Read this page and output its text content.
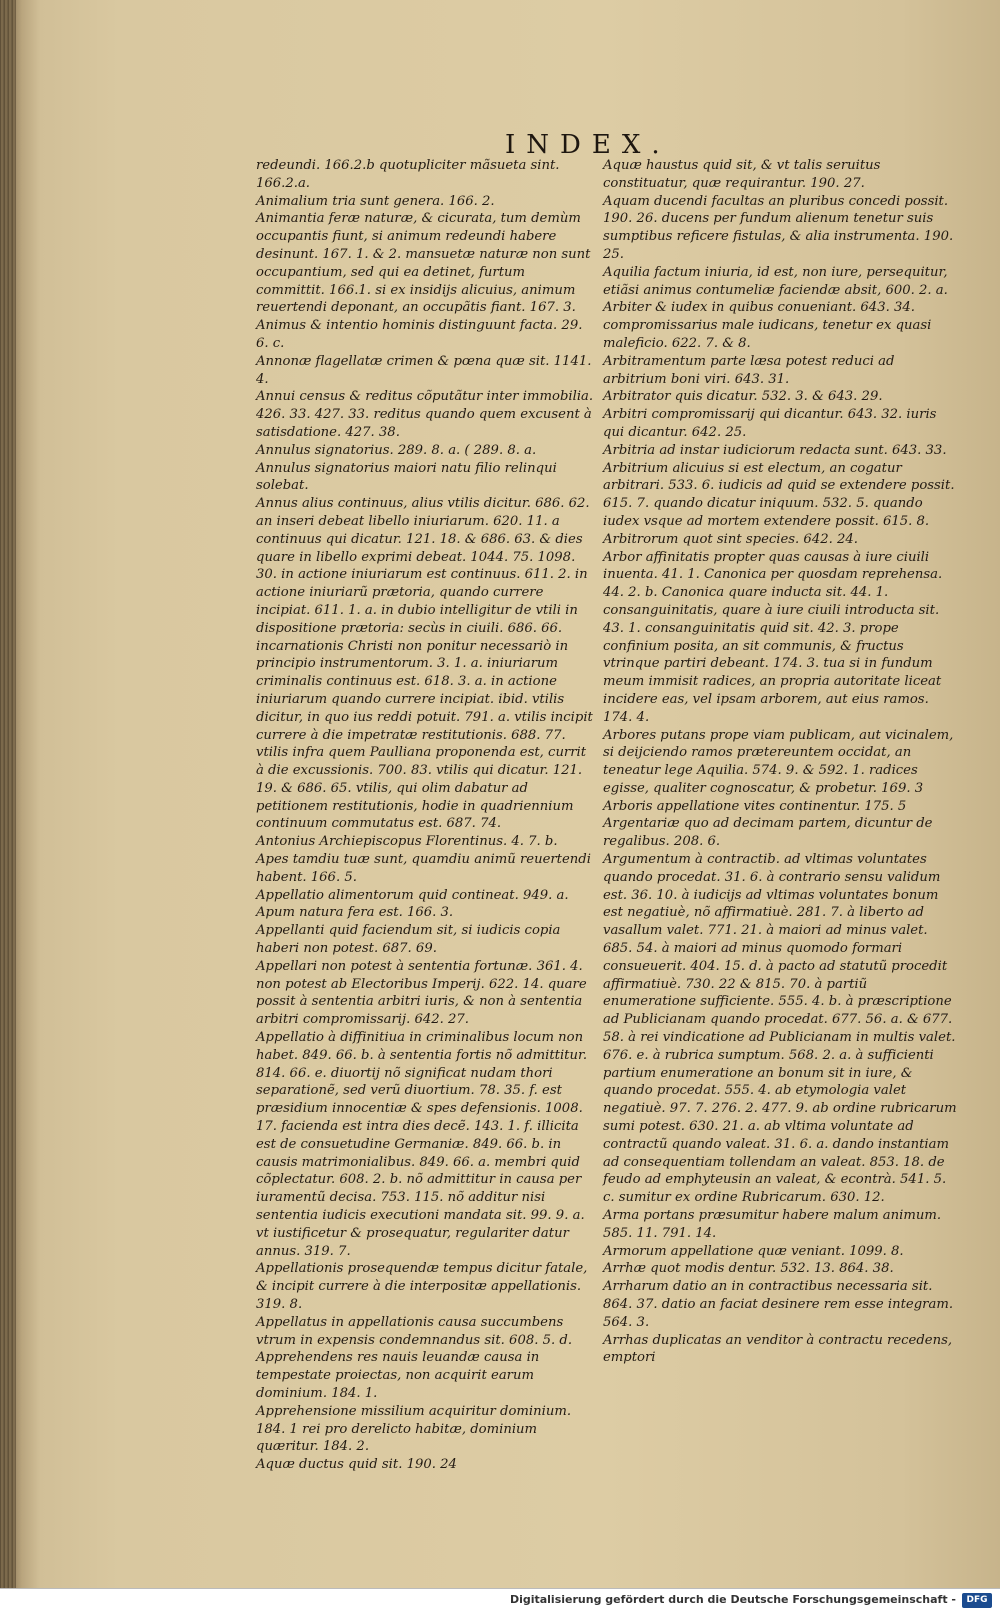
INDEX.

redeundi. 166.2.b quotupliciter mãsueta sint. 166.2.a.

Animalium tria sunt genera. 166. 2.

Animantia feræ naturæ, & cicurata, tum demùm occupantis fiunt, si animum redeundi habere desinunt. 167. 1. & 2. mansuetæ naturæ non sunt occupantium, sed qui ea detinet, furtum committit. 166.1. si ex insidijs alicuius, animum reuertendi deponant, an occupãtis fiant. 167. 3.

Animus & intentio hominis distinguunt facta. 29. 6. c.

Annonæ flagellatæ crimen & pœna quæ sit. 1141. 4.

Annui census & reditus cõputãtur inter immobilia. 426. 33. 427. 33. reditus quando quem excusent à satisdatione. 427. 38.

Annulus signatorius. 289. 8. a. ( 289. 8. a.

Annulus signatorius maiori natu filio relinqui solebat.

Annus alius continuus, alius vtilis dicitur. 686. 62. an inseri debeat libello iniuriarum. 620. 11. a continuus qui dicatur. 121. 18. & 686. 63. & dies quare in libello exprimi debeat. 1044. 75. 1098. 30. in actione iniuriarum est continuus. 611. 2. in actione iniuriarũ prætoria, quando currere incipiat. 611. 1. a. in dubio intelligitur de vtili in dispositione prætoria: secùs in ciuili. 686. 66. incarnationis Christi non ponitur necessariò in principio instrumentorum. 3. 1. a. iniuriarum criminalis continuus est. 618. 3. a. in actione iniuriarum quando currere incipiat. ibid. vtilis dicitur, in quo ius reddi potuit. 791. a. vtilis incipit currere à die impetratæ restitutionis. 688. 77. vtilis infra quem Paulliana proponenda est, currit à die excussionis. 700. 83. vtilis qui dicatur. 121. 19. & 686. 65. vtilis, qui olim dabatur ad petitionem restitutionis, hodie in quadriennium continuum commutatus est. 687. 74.

Antonius Archiepiscopus Florentinus. 4. 7. b.

Apes tamdiu tuæ sunt, quamdiu animũ reuertendi habent. 166. 5.

Appellatio alimentorum quid contineat. 949. a.

Apum natura fera est. 166. 3.

Appellanti quid faciendum sit, si iudicis copia haberi non potest. 687. 69.

Appellari non potest à sententia fortunæ. 361. 4. non potest ab Electoribus Imperij. 622. 14. quare possit à sententia arbitri iuris, & non à sententia arbitri compromissarij. 642. 27.

Appellatio à diffinitiua in criminalibus locum non habet. 849. 66. b. à sententia fortis nõ admittitur. 814. 66. e. diuortij nõ significat nudam thori separationẽ, sed verũ diuortium. 78. 35. f. est præsidium innocentiæ & spes defensionis. 1008. 17. facienda est intra dies decẽ. 143. 1. f. illicita est de consuetudine Germaniæ. 849. 66. b. in causis matrimonialibus. 849. 66. a. membri quid cõplectatur. 608. 2. b. nõ admittitur in causa per iuramentũ decisa. 753. 115. nõ additur nisi sententia iudicis executioni mandata sit. 99. 9. a. vt iustificetur & prosequatur, regulariter datur annus. 319. 7.

Appellationis prosequendæ tempus dicitur fatale, & incipit currere à die interpositæ appellationis. 319. 8.

Appellatus in appellationis causa succumbens vtrum in expensis condemnandus sit. 608. 5. d.

Apprehendens res nauis leuandæ causa in tempestate proiectas, non acquirit earum dominium. 184. 1.

Apprehensione missilium acquiritur dominium. 184. 1 rei pro derelicto habitæ, dominium quæritur. 184. 2.

Aquæ ductus quid sit. 190. 24

Aquæ haustus quid sit, & vt talis seruitus constituatur, quæ requirantur. 190. 27.

Aquam ducendi facultas an pluribus concedi possit. 190. 26. ducens per fundum alienum tenetur suis sumptibus reficere fistulas, & alia instrumenta. 190. 25.

Aquilia factum iniuria, id est, non iure, persequitur, etiãsi animus contumeliæ faciendæ absit, 600. 2. a.

Arbiter & iudex in quibus conueniant. 643. 34. compromissarius male iudicans, tenetur ex quasi maleficio. 622. 7. & 8.

Arbitramentum parte læsa potest reduci ad arbitrium boni viri. 643. 31.

Arbitrator quis dicatur. 532. 3. & 643. 29.

Arbitri compromissarij qui dicantur. 643. 32. iuris qui dicantur. 642. 25.

Arbitria ad instar iudiciorum redacta sunt. 643. 33.

Arbitrium alicuius si est electum, an cogatur arbitrari. 533. 6. iudicis ad quid se extendere possit. 615. 7. quando dicatur iniquum. 532. 5. quando iudex vsque ad mortem extendere possit. 615. 8.

Arbitrorum quot sint species. 642. 24.

Arbor affinitatis propter quas causas à iure ciuili inuenta. 41. 1. Canonica per quosdam reprehensa. 44. 2. b. Canonica quare inducta sit. 44. 1. consanguinitatis, quare à iure ciuili introducta sit. 43. 1. consanguinitatis quid sit. 42. 3. prope confinium posita, an sit communis, & fructus vtrinque partiri debeant. 174. 3. tua si in fundum meum immisit radices, an propria autoritate liceat incidere eas, vel ipsam arborem, aut eius ramos. 174. 4.

Arbores putans prope viam publicam, aut vicinalem, si deijciendo ramos prætereuntem occidat, an teneatur lege Aquilia. 574. 9. & 592. 1. radices egisse, qualiter cognoscatur, & probetur. 169. 3

Arboris appellatione vites continentur. 175. 5

Argentariæ quo ad decimam partem, dicuntur de regalibus. 208. 6.

Argumentum à contractib. ad vltimas voluntates quando procedat. 31. 6. à contrario sensu validum est. 36. 10. à iudicijs ad vltimas voluntates bonum est negatiuè, nõ affirmatiuè. 281. 7. à liberto ad vasallum valet. 771. 21. à maiori ad minus valet. 685. 54. à maiori ad minus quomodo formari consueuerit. 404. 15. d. à pacto ad statutũ procedit affirmatiuè. 730. 22 & 815. 70. à partiũ enumeratione sufficiente. 555. 4. b. à præscriptione ad Publicianam quando procedat. 677. 56. a. & 677. 58. à rei vindicatione ad Publicianam in multis valet. 676. e. à rubrica sumptum. 568. 2. a. à sufficienti partium enumeratione an bonum sit in iure, & quando procedat. 555. 4. ab etymologia valet negatiuè. 97. 7. 276. 2. 477. 9. ab ordine rubricarum sumi potest. 630. 21. a. ab vltima voluntate ad contractũ quando valeat. 31. 6. a. dando instantiam ad consequentiam tollendam an valeat. 853. 18. de feudo ad emphyteusin an valeat, & econtrà. 541. 5. c. sumitur ex ordine Rubricarum. 630. 12.

Arma portans præsumitur habere malum animum. 585. 11. 791. 14.

Armorum appellatione quæ veniant. 1099. 8.

Arrhæ quot modis dentur. 532. 13. 864. 38.

Arrharum datio an in contractibus necessaria sit. 864. 37. datio an faciat desinere rem esse integram. 564. 3.

Arrhas duplicatas an venditor à contractu recedens, emptori

Digitalisierung gefördert durch die Deutsche Forschungsgemeinschaft -	DFG
